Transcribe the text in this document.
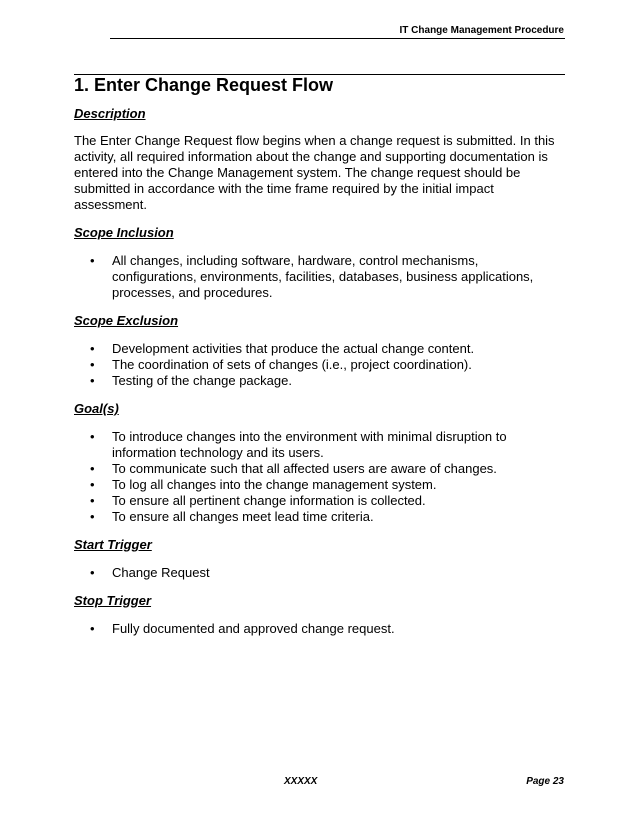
IT Change Management Procedure
1. Enter Change Request Flow
Description

The Enter Change Request flow begins when a change request is submitted. In this activity, all required information about the change and supporting documentation is entered into the Change Management system. The change request should be submitted in accordance with the time frame required by the initial impact assessment.

Scope Inclusion
• All changes, including software, hardware, control mechanisms, configurations, environments, facilities, databases, business applications, processes, and procedures.
Scope Exclusion
• Development activities that produce the actual change content.
• The coordination of sets of changes (i.e., project coordination).
• Testing of the change package.
Goal(s)
• To introduce changes into the environment with minimal disruption to information technology and its users.
• To communicate such that all affected users are aware of changes.
• To log all changes into the change management system.
• To ensure all pertinent change information is collected.
• To ensure all changes meet lead time criteria.
Start Trigger
• Change Request
Stop Trigger
• Fully documented and approved change request.
XXXXX	Page 23
